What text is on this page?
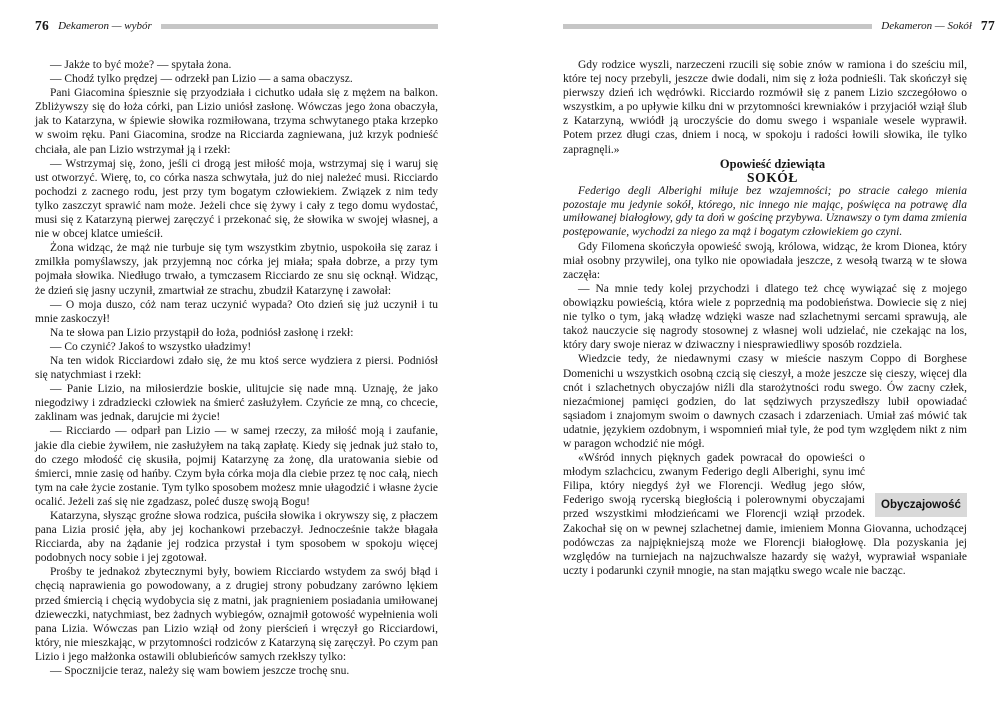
76 Dekameron — wybór

— Jakże to być może? — spytała żona.

— Chodź tylko prędzej — odrzekł pan Lizio — a sama obaczysz.

Pani Giacomina śpiesznie się przyodziała i cichutko udała się z mężem na balkon. Zbliżywszy się do łoża córki, pan Lizio uniósł zasłonę. Wówczas jego żona obaczyła, jak to Katarzyna, w śpiewie słowika rozmiłowana, trzyma schwytanego ptaka krzepko w swoim ręku. Pani Giacomina, srodze na Ricciarda zagniewana, już krzyk podnieść chciała, ale pan Lizio wstrzymał ją i rzekł:

— Wstrzymaj się, żono, jeśli ci drogą jest miłość moja, wstrzymaj się i waruj się ust otworzyć. Wierę, to, co córka nasza schwytała, już do niej należeć musi. Ricciardo pochodzi z zacnego rodu, jest przy tym bogatym człowiekiem. Związek z nim tedy tylko zaszczyt sprawić nam może. Jeżeli chce się żywy i cały z tego domu wydostać, musi się z Katarzyną pierwej zaręczyć i przekonać się, że słowika w swojej własnej, a nie w obcej klatce umieścił.

Żona widząc, że mąż nie turbuje się tym wszystkim zbytnio, uspokoiła się zaraz i zmilkła pomyślawszy, jak przyjemną noc córka jej miała; spała dobrze, a przy tym pojmała słowika. Niedługo trwało, a tymczasem Ricciardo ze snu się ocknął. Widząc, że dzień się jasny uczynił, zmartwiał ze strachu, zbudził Katarzynę i zawołał:

— O moja duszo, cóż nam teraz uczynić wypada? Oto dzień się już uczynił i tu mnie zaskoczył!

Na te słowa pan Lizio przystąpił do łoża, podniósł zasłonę i rzekł:

— Co czynić? Jakoś to wszystko uładzimy!

Na ten widok Ricciardowi zdało się, że mu ktoś serce wydziera z piersi. Podniósł się natychmiast i rzekł:

— Panie Lizio, na miłosierdzie boskie, ulitujcie się nade mną. Uznaję, że jako niegodziwy i zdradziecki człowiek na śmierć zasłużyłem. Czyńcie ze mną, co chcecie, zaklinam was jednak, darujcie mi życie!

— Ricciardo — odparł pan Lizio — w samej rzeczy, za miłość moją i zaufanie, jakie dla ciebie żywiłem, nie zasłużyłem na taką zapłatę. Kiedy się jednak już stało to, do czego młodość cię skusiła, pojmij Katarzynę za żonę, dla uratowania siebie od śmierci, mnie zasię od hańby. Czym była córka moja dla ciebie przez tę noc całą, niech tym na całe życie zostanie. Tym tylko sposobem możesz mnie ułagodzić i własne życie ocalić. Jeżeli zaś się nie zgadzasz, poleć duszę swoją Bogu!

Katarzyna, słysząc groźne słowa rodzica, puściła słowika i okrywszy się, z płaczem pana Lizia prosić jęła, aby jej kochankowi przebaczył. Jednocześnie także błagała Ricciarda, aby na żądanie jej rodzica przystał i tym sposobem w spokoju więcej podobnych nocy sobie i jej zgotował.

Prośby te jednakoż zbytecznymi były, bowiem Ricciardo wstydem za swój błąd i chęcią naprawienia go powodowany, a z drugiej strony pobudzany zarówno lękiem przed śmiercią i chęcią wydobycia się z matni, jak pragnieniem posiadania umiłowanej dzieweczki, natychmiast, bez żadnych wybiegów, oznajmił gotowość wypełnienia woli pana Lizia. Wówczas pan Lizio wziął od żony pierścień i wręczył go Ricciardowi, który, nie mieszkając, w przytomności rodziców z Katarzyną się zaręczył. Po czym pan Lizio i jego małżonka ostawili oblubieńców samych rzekłszy tylko:

— Spocznijcie teraz, należy się wam bowiem jeszcze trochę snu.

Dekameron — Sokół 77

Gdy rodzice wyszli, narzeczeni rzucili się sobie znów w ramiona i do sześciu mil, które tej nocy przebyli, jeszcze dwie dodali, nim się z łoża podnieśli. Tak skończył się pierwszy dzień ich wędrówki. Ricciardo rozmówił się z panem Lizio szczegółowo o wszystkim, a po upływie kilku dni w przytomności krewniaków i przyjaciół wziął ślub z Katarzyną, wwiódł ją uroczyście do domu swego i wspaniale wesele wyprawił. Potem przez długi czas, dniem i nocą, w spokoju i radości łowili słowika, ile tylko zapragnęli.»

Opowieść dziewiąta

SOKÓŁ

Federigo degli Alberighi miłuje bez wzajemności; po stracie całego mienia pozostaje mu jedynie sokół, którego, nic innego nie mając, poświęca na potrawę dla umiłowanej białogłowy, gdy ta doń w gościnę przybywa. Uznawszy o tym dama zmienia postępowanie, wychodzi za niego za mąż i bogatym człowiekiem go czyni.

Gdy Filomena skończyła opowieść swoją, królowa, widząc, że krom Dionea, który miał osobny przywilej, ona tylko nie opowiadała jeszcze, z wesołą twarzą w te słowa zaczęła:

— Na mnie tedy kolej przychodzi i dlatego też chcę wywiązać się z mojego obowiązku powieścią, która wiele z poprzednią ma podobieństwa. Dowiecie się z niej nie tylko o tym, jaką władzę wdzięki wasze nad szlachetnymi sercami sprawują, ale takoż nauczycie się nagrody stosownej z własnej woli udzielać, nie czekając na los, który dary swoje nieraz w dziwaczny i niesprawiedliwy sposób rozdziela.

Wiedzcie tedy, że niedawnymi czasy w mieście naszym Coppo di Borghese Domenichi u wszystkich osobną czcią się cieszył, a może jeszcze się cieszy, więcej dla cnót i szlachetnych obyczajów niźli dla starożytności rodu swego. Ów zacny człek, niezaćmionej pamięci godzien, do lat sędziwych przyszedłszy lubił opowiadać sąsiadom i znajomym swoim o dawnych czasach i zdarzeniach. Umiał zaś mówić tak udatnie, językiem ozdobnym, i wspomnień miał tyle, że pod tym względem nikt z nim w paragon wchodzić nie mógł.

Obyczajowość
«Wśród innych pięknych gadek powracał do opowieści o młodym szlachcicu, zwanym Federigo degli Alberighi, synu imć Filipa, który niegdyś żył we Florencji. Według jego słów, Federigo swoją rycerską biegłością i polerownymi obyczajami przed wszystkimi młodzieńcami we Florencji wziął przodek. Zakochał się on w pewnej szlachetnej damie, imieniem Monna Giovanna, uchodzącej podówczas za najpiękniejszą może we Florencji białogłowę. Dla pozyskania jej względów na turniejach na najzuchwalsze hazardy się ważył, wyprawiał wspaniałe uczty i podarunki czynił mnogie, na stan majątku swego wcale nie bacząc.
